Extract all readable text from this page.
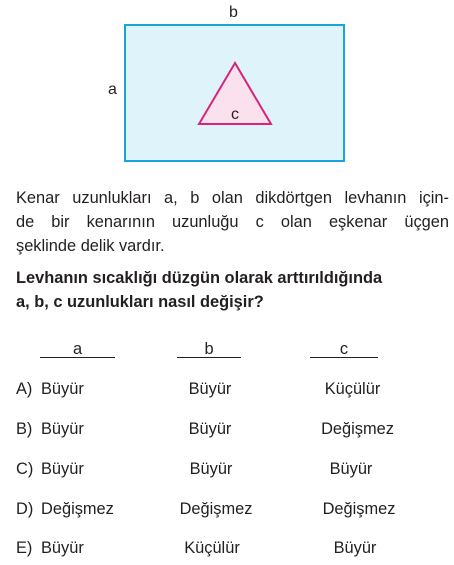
b
a
c

Kenar uzunlukları a, b olan dikdörtgen levhanın için-
de bir kenarının uzunluğu c olan eşkenar üçgen
şeklinde delik vardır.

Levhanın sıcaklığı düzgün olarak arttırıldığında
a, b, c uzunlukları nasıl değişir?

a	b	c
A) Büyür	Büyür	Küçülür
B) Büyür	Büyür	Değişmez
C) Büyür	Büyür	Büyür
D) Değişmez	Değişmez	Değişmez
E) Büyür	Küçülür	Büyür
